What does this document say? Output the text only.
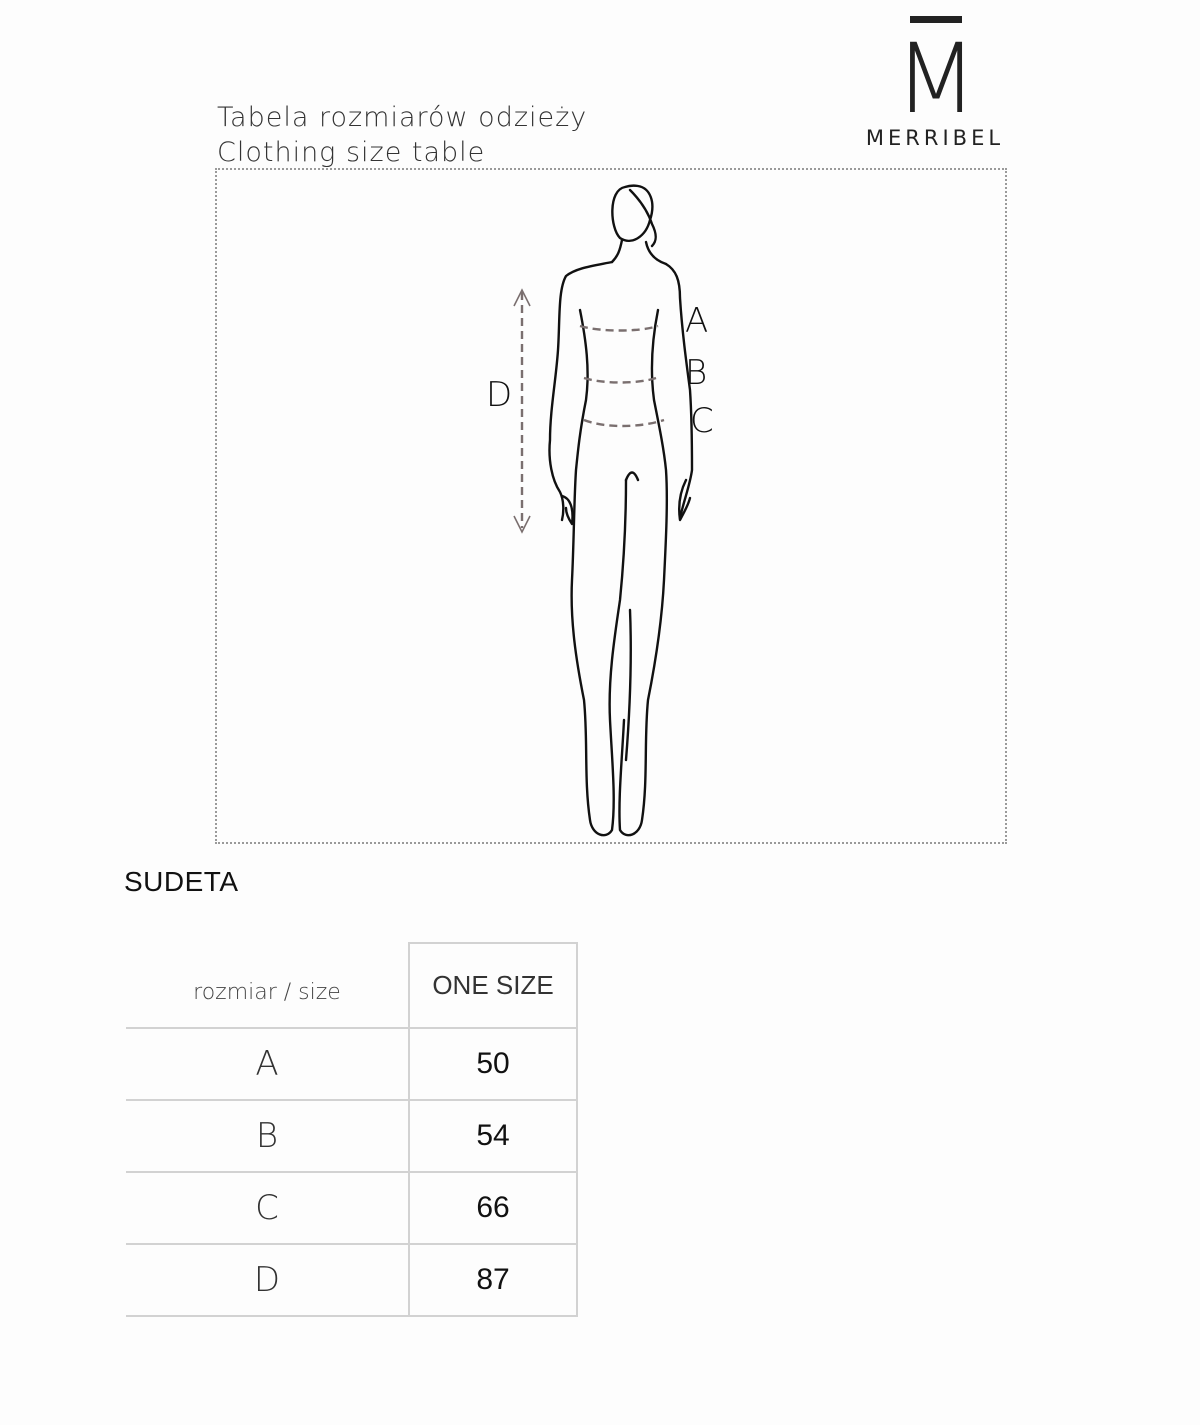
Tabela rozmiarów odzieży
Clothing size table
M
MERRIBEL
A
B
C
D
SUDETA
rozmiar / size	ONE SIZE
A	50
B	54
C	66
D	87
